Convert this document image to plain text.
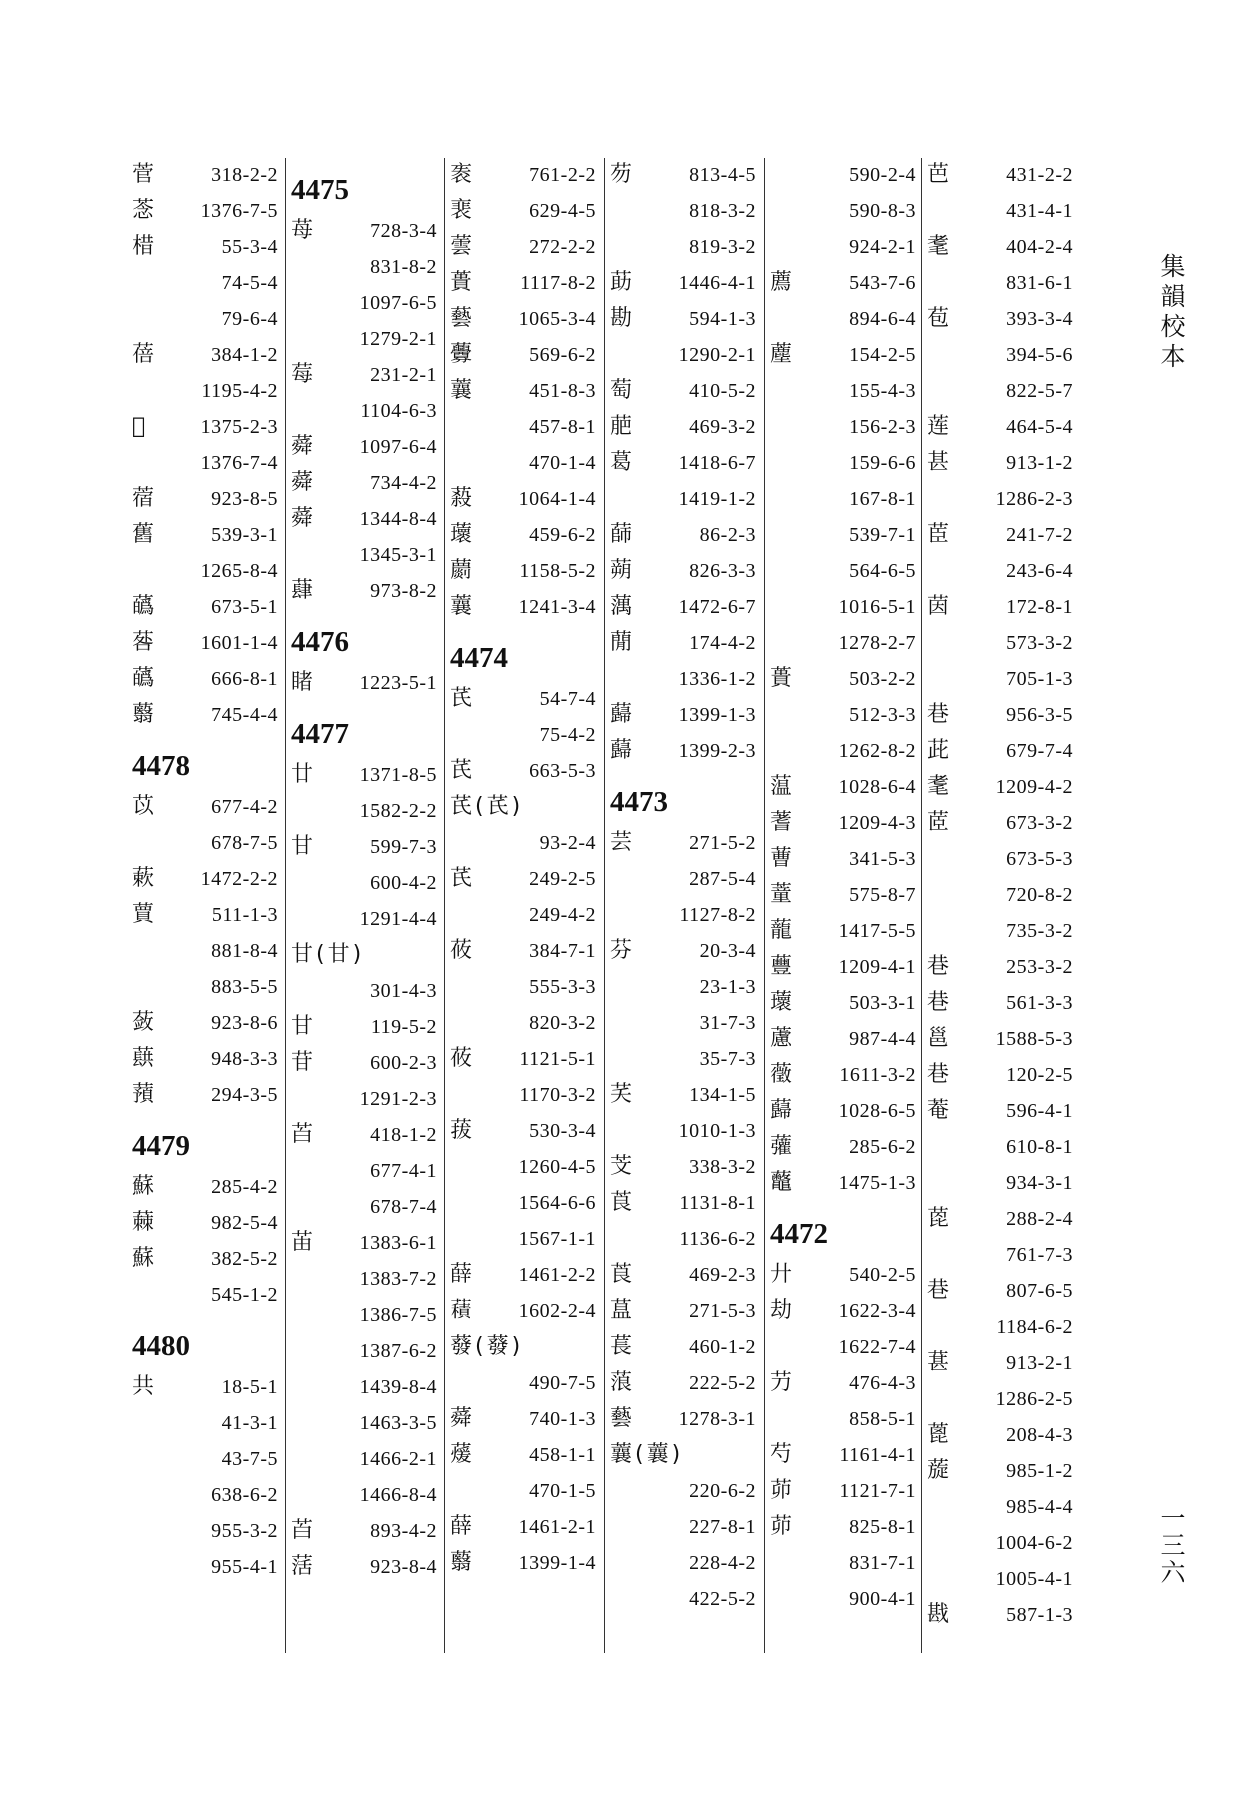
菅	318-2-2
菍 1376-7-5
棤	55-3-4
74-5-4
79-6-4
蓓	384-1-2
1195-4-2
𧇊	1375-2-3
1376-7-4
蓿	923-8-5
舊	539-3-1
1265-8-4
蘤	673-5-1
䓘 1601-1-4
蘤	666-8-1
蘙	745-4-4
4478
苡	677-4-2
678-7-5
蔌 1472-2-2
蕒	511-1-3
881-8-4
883-5-5
蔹	923-8-6
蕻	948-3-3
蕷	294-3-5
4479
蘇	285-4-2
蕀	982-5-4
蘇	382-5-2
545-1-2
4480
共	18-5-1
41-3-1
43-7-5
638-6-2
955-3-2
955-4-1
4475
苺	728-3-4
831-8-2
1097-6-5
1279-2-1
莓	231-2-1
1104-6-3
蕣 1097-6-4
蕣	734-4-2
蕣 1344-8-4
1345-3-1
蕼	973-8-2
4476
睹 1223-5-1
4477
廿 1371-8-5
1582-2-2
甘	599-7-3
600-4-2
1291-4-4
甘(甘)
301-4-3
甘	119-5-2
苷	600-2-3
1291-2-3
苩	418-1-2
677-4-1
678-7-4
苖 1383-6-1
1383-7-2
1386-7-5
1387-6-2
1439-8-4
1463-3-5
1466-2-1
1466-8-4
苩	893-4-2
萿	923-8-4
袠	761-2-2
裵	629-4-5
蕓	272-2-2
蕢 1117-8-2
藝 1065-3-4
虋	569-6-2
蘘	451-8-3
457-8-1
470-1-4
蔱 1064-1-4
蘾	459-6-2
蘮 1158-5-2
蘘 1241-3-4
4474
芪	54-7-4
75-4-2
芪	663-5-3
芪(芪)
93-2-4
芪	249-2-5
249-4-2
莜	384-7-1
555-3-3
820-3-2
莜 1121-5-1
1170-3-2
菝	530-3-4
1260-4-5
1564-6-6
1567-1-1
薛 1461-2-2
𧂐 1602-2-4
蕟(蕟)
490-7-5
蕣	740-1-3
蕿	458-1-1
470-1-5
薛 1461-2-1
蘙 1399-1-4
芴	813-4-5
818-3-2
819-3-2
莇 1446-4-1
勘	594-1-3
1290-2-1
萄	410-5-2
萉	469-3-2
葛 1418-6-7
1419-1-2
蒒	86-2-3
蒴	826-3-3
蕅 1472-6-7
蕑	174-4-2
1336-1-2
蘬 1399-1-3
蘬 1399-2-3
4473
芸	271-5-2
287-5-4
1127-8-2
芬	20-3-4
23-1-3
31-7-3
35-7-3
芺	134-1-5
1010-1-3
芠	338-3-2
莨 1131-8-1
1136-6-2
莨	469-2-3
蒀	271-5-3
萇	460-1-2
蒗	222-5-2
藝 1278-3-1
蘘(蘘)
220-6-2
227-8-1
228-4-2
422-5-2
590-2-4
590-8-3
924-2-1
薦	543-7-6
894-6-4
薼	154-2-5
155-4-3
156-2-3
159-6-6
167-8-1
539-7-1
564-6-5
1016-5-1
1278-2-7
蕢	503-2-2
512-3-3
1262-8-2
蕰 1028-6-4
蓍 1209-4-3
蓸	341-5-3
蕫	575-8-7
蘢 1417-5-5
蘴 1209-4-1
蘾	503-3-1
藘	987-4-4
藢 1611-3-2
蘬 1028-6-5
虇	285-6-2
虌 1475-1-3
4472
廾	540-2-5
劫 1622-3-4
1622-7-4
芀	476-4-3
858-5-1
芍 1161-4-1
茆 1121-7-1
茆	825-8-1
831-7-1
900-4-1
芭	431-2-2
431-4-1
耄	404-2-4
831-6-1
苞	393-3-4
394-5-6
822-5-7
莲	464-5-4
甚	913-1-2
1286-2-3
茞	241-7-2
243-6-4
茵	172-8-1
573-3-2
705-1-3
巷	956-3-5
茈	679-7-4
耄 1209-4-2
茝	673-3-2
673-5-3
720-8-2
735-3-2
巷	253-3-2
巷	561-3-3
邕 1588-5-3
巷	120-2-5
菴	596-4-1
610-8-1
934-3-1
萞	288-2-4
761-7-3
巷	807-6-5
1184-6-2
葚	913-2-1
1286-2-5
蓖	208-4-3
蔙	985-1-2
985-4-4
1004-6-2
1005-4-1
戡	587-1-3
集韻校本
一三六
